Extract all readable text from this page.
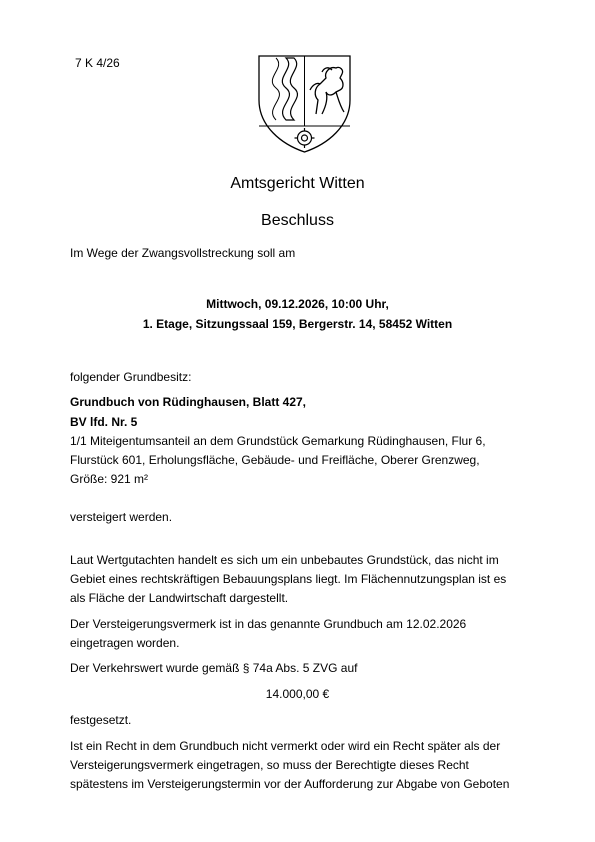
7 K 4/26
Amtsgericht Witten
Beschluss
Im Wege der Zwangsvollstreckung soll am
Mittwoch, 09.12.2026, 10:00 Uhr,
1. Etage, Sitzungssaal 159, Bergerstr. 14, 58452 Witten
folgender Grundbesitz:
Grundbuch von Rüdinghausen, Blatt 427,
BV lfd. Nr. 5
1/1 Miteigentumsanteil an dem Grundstück Gemarkung Rüdinghausen, Flur 6,
Flurstück 601, Erholungsfläche, Gebäude- und Freifläche, Oberer Grenzweg,
Größe: 921 m²
versteigert werden.
Laut Wertgutachten handelt es sich um ein unbebautes Grundstück, das nicht im
Gebiet eines rechtskräftigen Bebauungsplans liegt. Im Flächennutzungsplan ist es
als Fläche der Landwirtschaft dargestellt.
Der Versteigerungsvermerk ist in das genannte Grundbuch am 12.02.2026
eingetragen worden.
Der Verkehrswert wurde gemäß § 74a Abs. 5 ZVG auf
14.000,00 €
festgesetzt.
Ist ein Recht in dem Grundbuch nicht vermerkt oder wird ein Recht später als der
Versteigerungsvermerk eingetragen, so muss der Berechtigte dieses Recht
spätestens im Versteigerungstermin vor der Aufforderung zur Abgabe von Geboten
